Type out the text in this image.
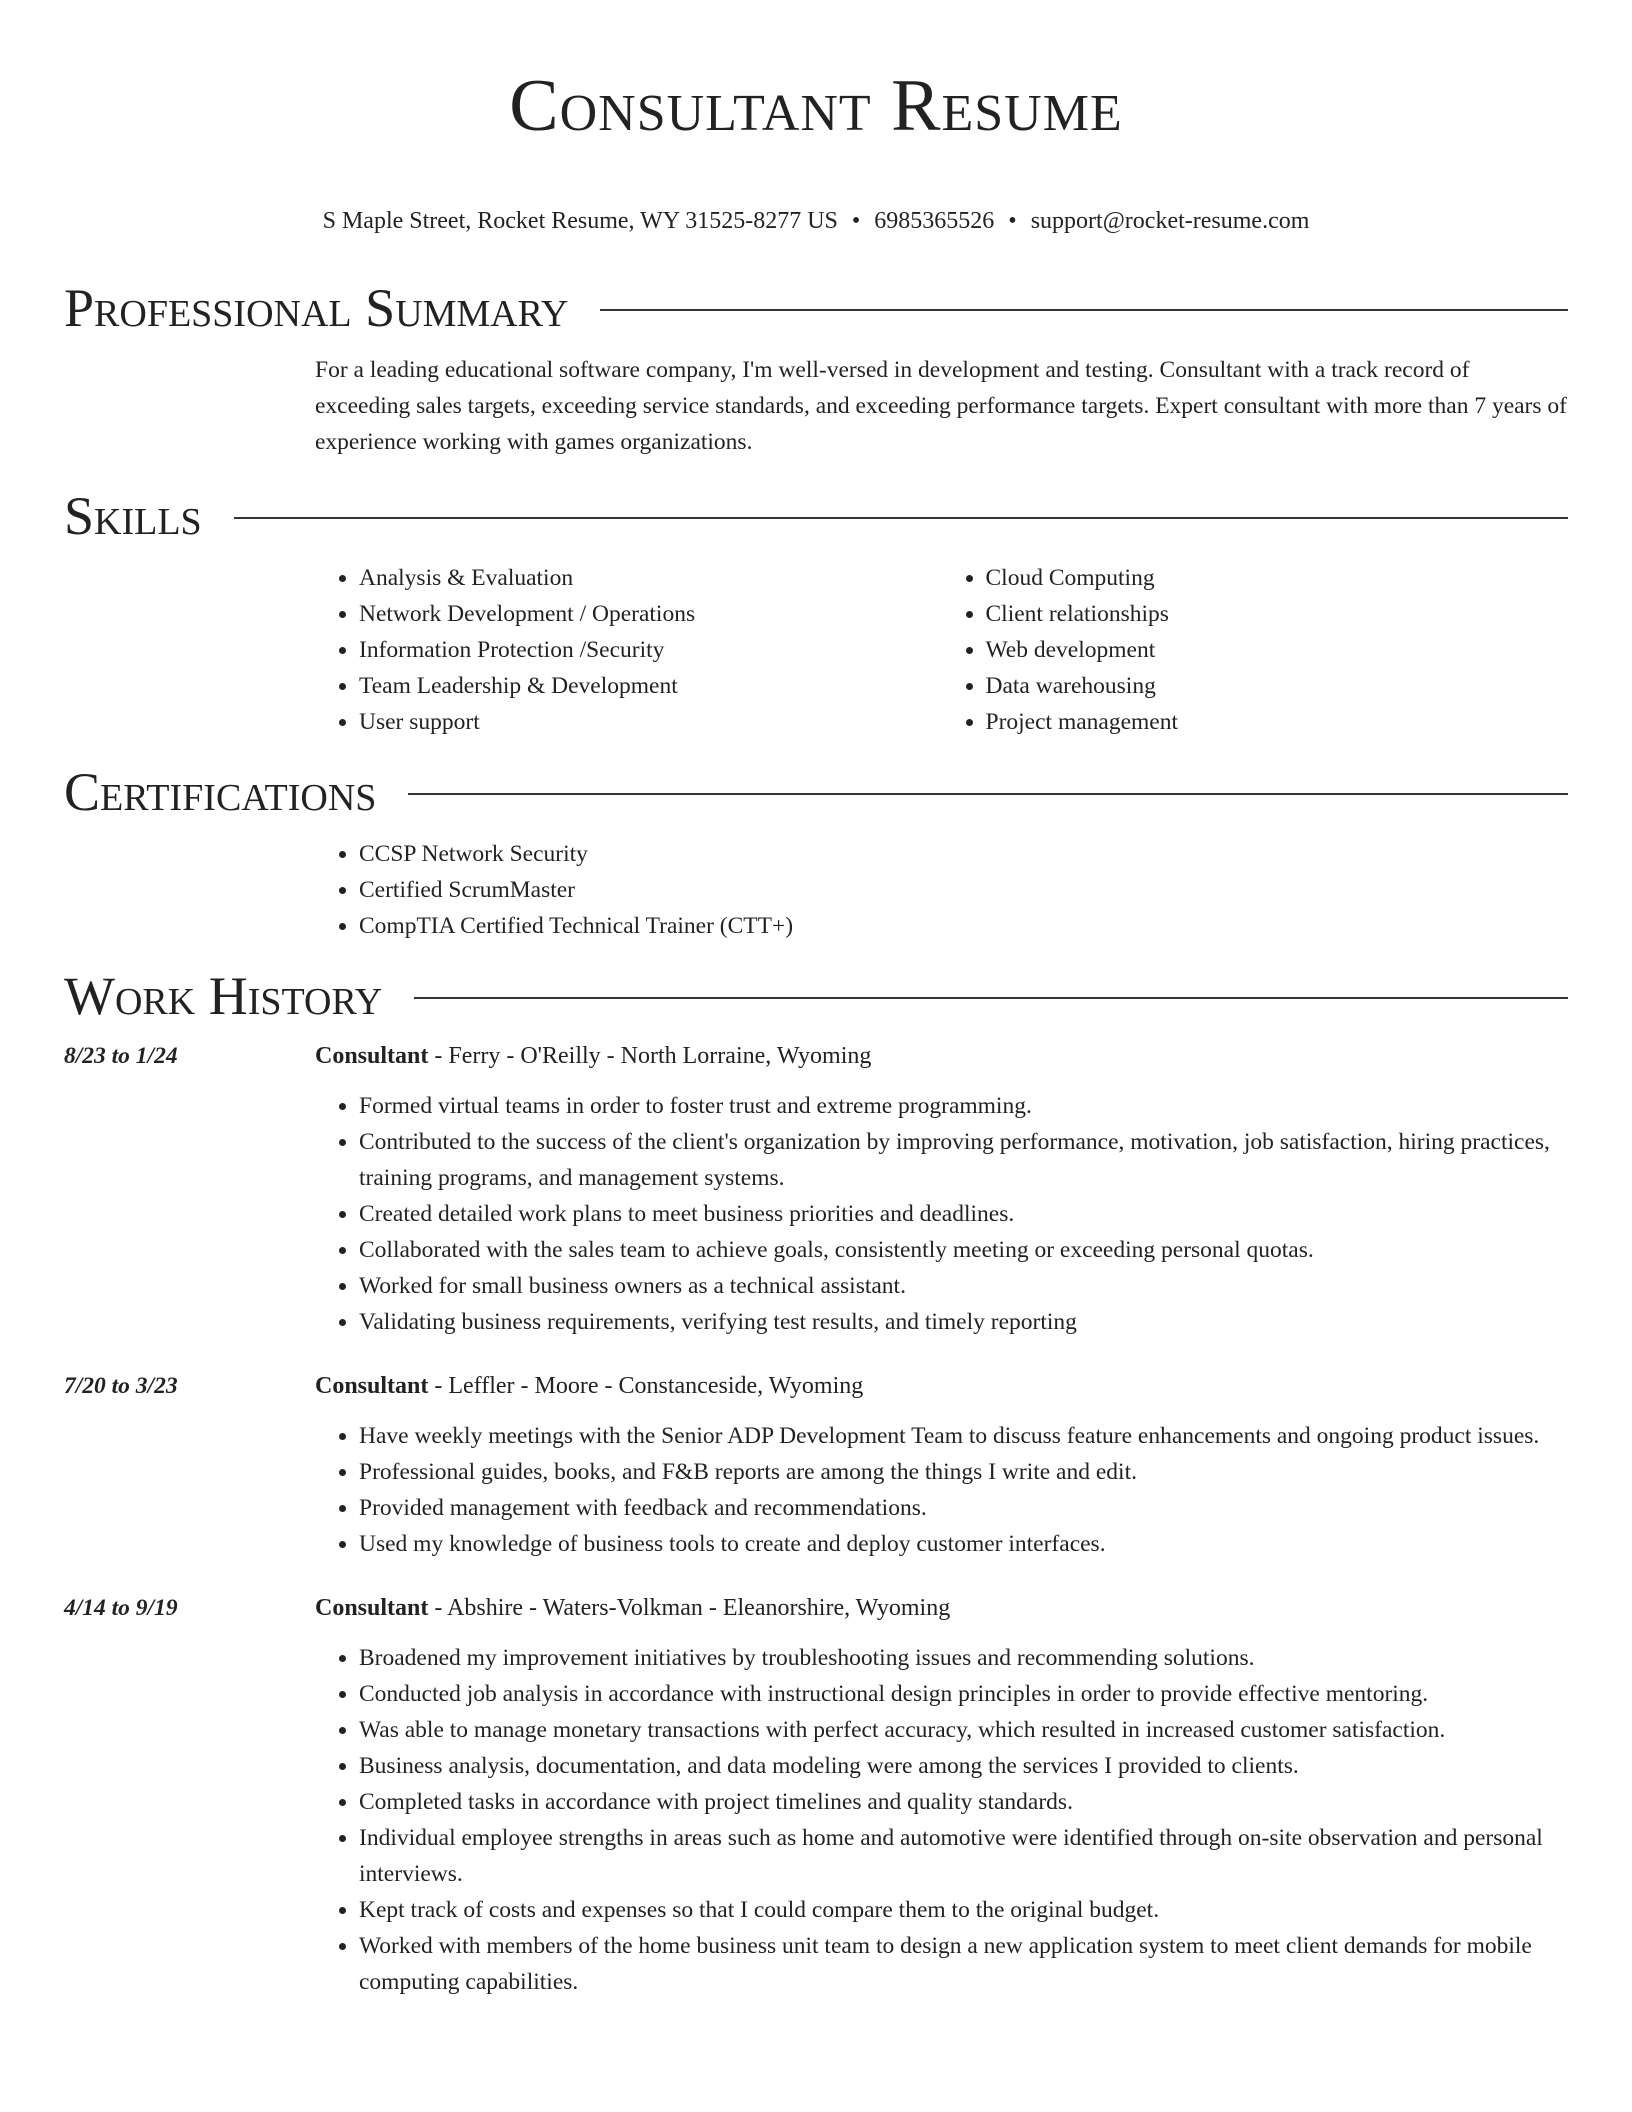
Consultant Resume
S Maple Street, Rocket Resume, WY 31525-8277 US • 6985365526 • support@rocket-resume.com
Professional Summary

For a leading educational software company, I'm well-versed in development and testing. Consultant with a track record of exceeding sales targets, exceeding service standards, and exceeding performance targets. Expert consultant with more than 7 years of experience working with games organizations.

Skills
• Analysis & Evaluation
• Network Development / Operations
• Information Protection /Security
• Team Leadership & Development
• User support
• Cloud Computing
• Client relationships
• Web development
• Data warehousing
• Project management
Certifications
• CCSP Network Security
• Certified ScrumMaster
• CompTIA Certified Technical Trainer (CTT+)
Work History
8/23 to 1/24	Consultant - Ferry - O'Reilly - North Lorraine, Wyoming
• Formed virtual teams in order to foster trust and extreme programming.
• Contributed to the success of the client's organization by improving performance, motivation, job satisfaction, hiring practices, training programs, and management systems.
• Created detailed work plans to meet business priorities and deadlines.
• Collaborated with the sales team to achieve goals, consistently meeting or exceeding personal quotas.
• Worked for small business owners as a technical assistant.
• Validating business requirements, verifying test results, and timely reporting
7/20 to 3/23	Consultant - Leffler - Moore - Constanceside, Wyoming
• Have weekly meetings with the Senior ADP Development Team to discuss feature enhancements and ongoing product issues.
• Professional guides, books, and F&B reports are among the things I write and edit.
• Provided management with feedback and recommendations.
• Used my knowledge of business tools to create and deploy customer interfaces.
4/14 to 9/19	Consultant - Abshire - Waters-Volkman - Eleanorshire, Wyoming
• Broadened my improvement initiatives by troubleshooting issues and recommending solutions.
• Conducted job analysis in accordance with instructional design principles in order to provide effective mentoring.
• Was able to manage monetary transactions with perfect accuracy, which resulted in increased customer satisfaction.
• Business analysis, documentation, and data modeling were among the services I provided to clients.
• Completed tasks in accordance with project timelines and quality standards.
• Individual employee strengths in areas such as home and automotive were identified through on-site observation and personal interviews.
• Kept track of costs and expenses so that I could compare them to the original budget.
• Worked with members of the home business unit team to design a new application system to meet client demands for mobile computing capabilities.
